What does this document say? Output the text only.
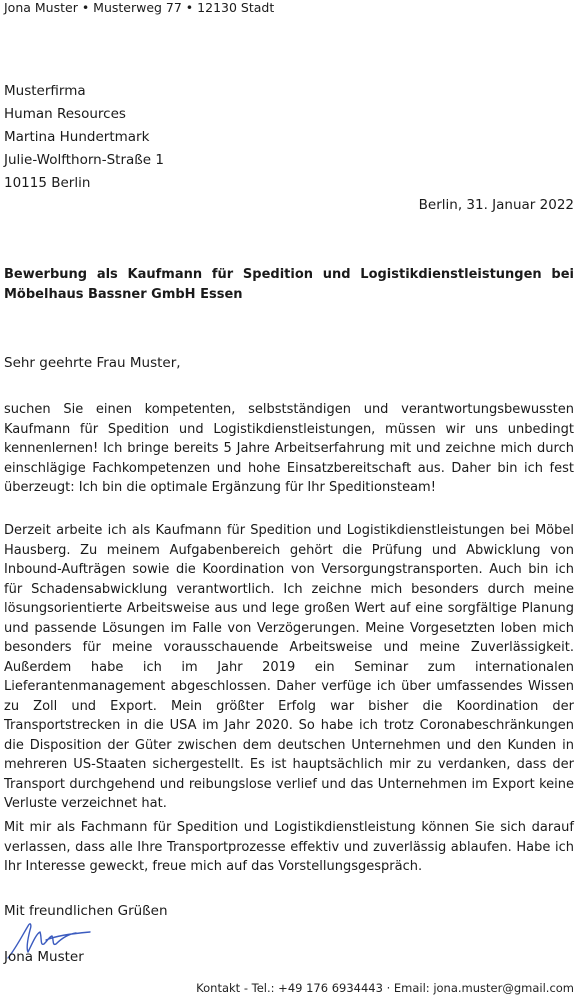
Jona Muster • Musterweg 77 • 12130 Stadt
Musterfirma
Human Resources
Martina Hundertmark
Julie-Wolfthorn-Straße 1
10115 Berlin
Berlin, 31. Januar 2022
Bewerbung als Kaufmann für Spedition und Logistikdienstleistungen bei Möbelhaus Bassner GmbH Essen
Sehr geehrte Frau Muster,
suchen Sie einen kompetenten, selbstständigen und verantwortungsbewussten Kaufmann für Spedition und Logistikdienstleistungen, müssen wir uns unbedingt kennenlernen! Ich bringe bereits 5 Jahre Arbeitserfahrung mit und zeichne mich durch einschlägige Fachkompetenzen und hohe Einsatzbereitschaft aus. Daher bin ich fest überzeugt: Ich bin die optimale Ergänzung für Ihr Speditionsteam!
Derzeit arbeite ich als Kaufmann für Spedition und Logistikdienstleistungen bei Möbel Hausberg. Zu meinem Aufgabenbereich gehört die Prüfung und Abwicklung von Inbound-Aufträgen sowie die Koordination von Versorgungstransporten. Auch bin ich für Schadensabwicklung verantwortlich. Ich zeichne mich besonders durch meine lösungsorientierte Arbeitsweise aus und lege großen Wert auf eine sorgfältige Planung und passende Lösungen im Falle von Verzögerungen. Meine Vorgesetzten loben mich besonders für meine vorausschauende Arbeitsweise und meine Zuverlässigkeit. Außerdem habe ich im Jahr 2019 ein Seminar zum internationalen Lieferantenmanagement abgeschlossen. Daher verfüge ich über umfassendes Wissen zu Zoll und Export. Mein größter Erfolg war bisher die Koordination der Transportstrecken in die USA im Jahr 2020. So habe ich trotz Coronabeschränkungen die Disposition der Güter zwischen dem deutschen Unternehmen und den Kunden in mehreren US-Staaten sichergestellt. Es ist hauptsächlich mir zu verdanken, dass der Transport durchgehend und reibungslose verlief und das Unternehmen im Export keine Verluste verzeichnet hat.
Mit mir als Fachmann für Spedition und Logistikdienstleistung können Sie sich darauf verlassen, dass alle Ihre Transportprozesse effektiv und zuverlässig ablaufen. Habe ich Ihr Interesse geweckt, freue mich auf das Vorstellungsgespräch.
Mit freundlichen Grüßen
Jona Muster
Kontakt - Tel.: +49 176 6934443 · Email: jona.muster@gmail.com
